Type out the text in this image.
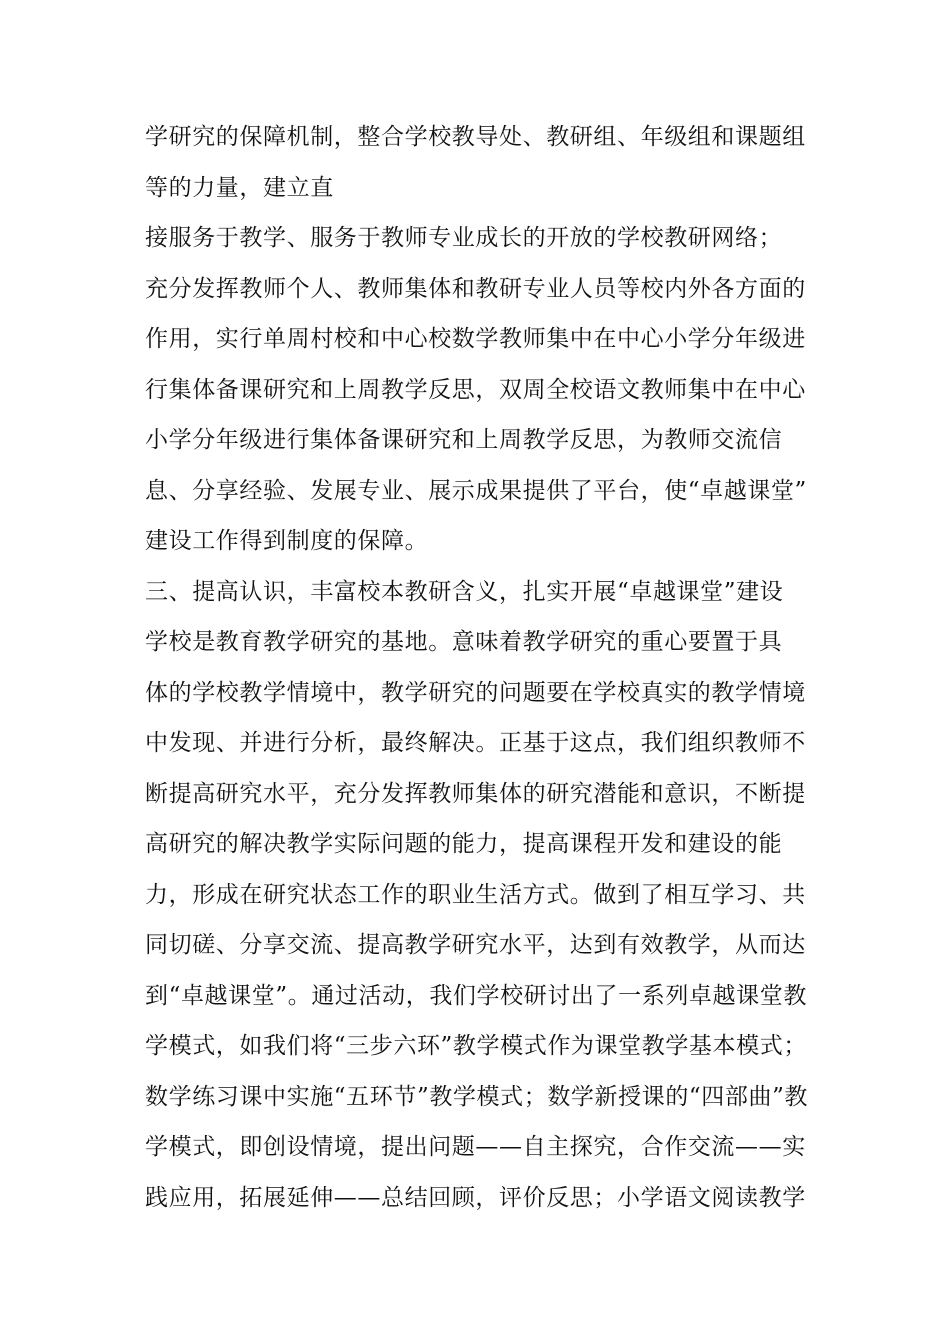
学研究的保障机制，整合学校教导处、教研组、年级组和课题组
等的力量，建立直
接服务于教学、服务于教师专业成长的开放的学校教研网络；
充分发挥教师个人、教师集体和教研专业人员等校内外各方面的
作用，实行单周村校和中心校数学教师集中在中心小学分年级进
行集体备课研究和上周教学反思，双周全校语文教师集中在中心
小学分年级进行集体备课研究和上周教学反思，为教师交流信
息、分享经验、发展专业、展示成果提供了平台，使“卓越课堂”
建设工作得到制度的保障。
三、提高认识，丰富校本教研含义，扎实开展“卓越课堂”建设
学校是教育教学研究的基地。意味着教学研究的重心要置于具
体的学校教学情境中，教学研究的问题要在学校真实的教学情境
中发现、并进行分析，最终解决。正基于这点，我们组织教师不
断提高研究水平，充分发挥教师集体的研究潜能和意识，不断提
高研究的解决教学实际问题的能力，提高课程开发和建设的能
力，形成在研究状态工作的职业生活方式。做到了相互学习、共
同切磋、分享交流、提高教学研究水平，达到有效教学，从而达
到“卓越课堂”。通过活动，我们学校研讨出了一系列卓越课堂教
学模式，如我们将“三步六环”教学模式作为课堂教学基本模式；
数学练习课中实施“五环节”教学模式；数学新授课的“四部曲”教
学模式，即创设情境，提出问题——自主探究，合作交流——实
践应用，拓展延伸——总结回顾，评价反思；小学语文阅读教学
